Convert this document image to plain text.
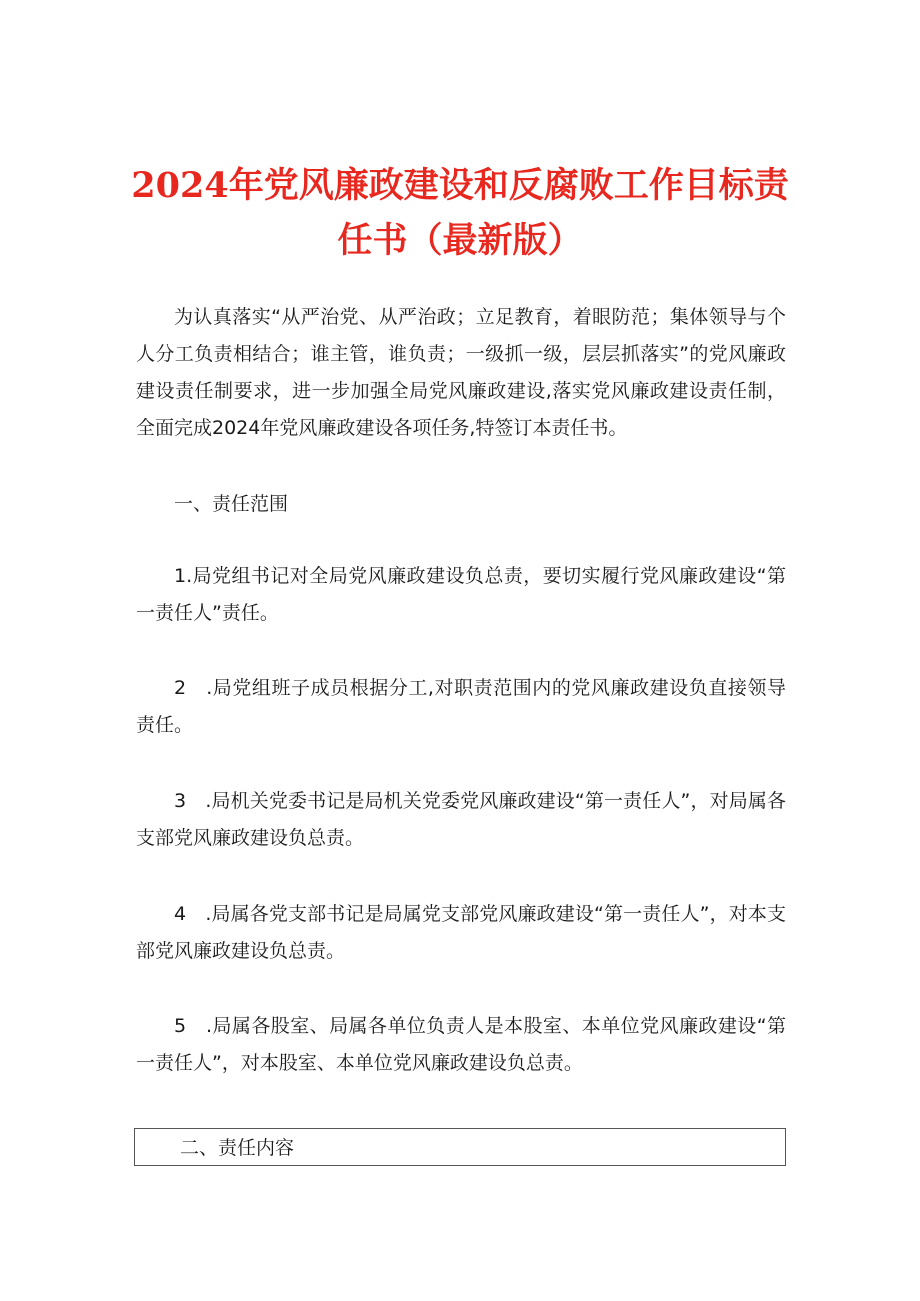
2024年党风廉政建设和反腐败工作目标责
任书（最新版）

为认真落实“从严治党、从严治政；立足教育，着眼防范；集体领导与个人分工负责相结合；谁主管，谁负责；一级抓一级，层层抓落实”的党风廉政建设责任制要求，进一步加强全局党风廉政建设,落实党风廉政建设责任制，全面完成2024年党风廉政建设各项任务,特签订本责任书。

一、责任范围

1.局党组书记对全局党风廉政建设负总责，要切实履行党风廉政建设“第一责任人”责任。

2　.局党组班子成员根据分工,对职责范围内的党风廉政建设负直接领导责任。

3　.局机关党委书记是局机关党委党风廉政建设“第一责任人”，对局属各支部党风廉政建设负总责。

4　.局属各党支部书记是局属党支部党风廉政建设“第一责任人”，对本支部党风廉政建设负总责。

5　.局属各股室、局属各单位负责人是本股室、本单位党风廉政建设“第一责任人”，对本股室、本单位党风廉政建设负总责。

二、责任内容
